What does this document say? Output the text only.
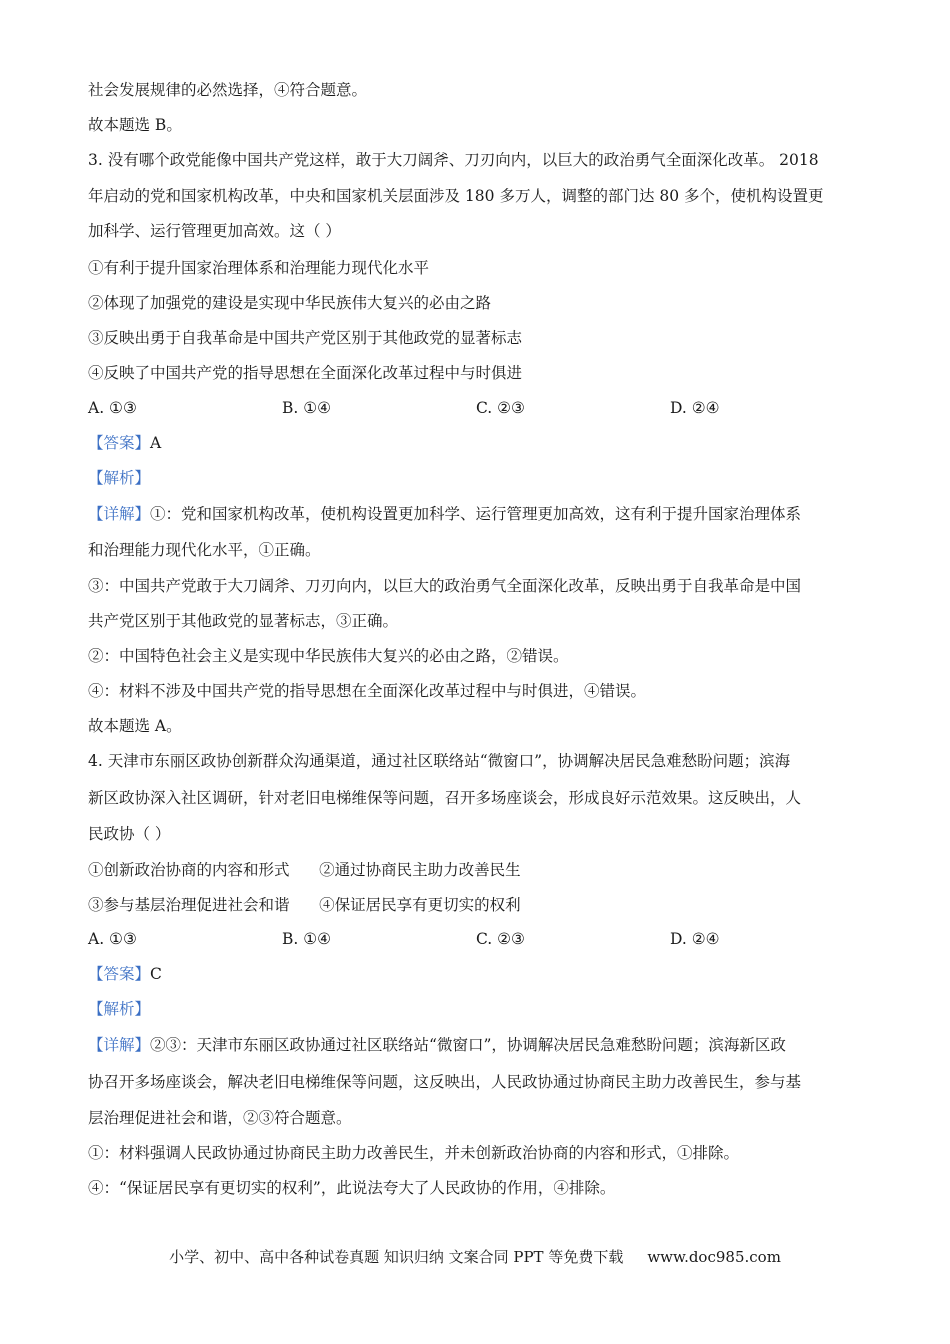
社会发展规律的必然选择，④符合题意。
故本题选 B。
3. 没有哪个政党能像中国共产党这样，敢于大刀阔斧、刀刃向内，以巨大的政治勇气全面深化改革。 2018
年启动的党和国家机构改革，中央和国家机关层面涉及 180 多万人，调整的部门达 80 多个，使机构设置更
加科学、运行管理更加高效。这（ ）
①有利于提升国家治理体系和治理能力现代化水平
②体现了加强党的建设是实现中华民族伟大复兴的必由之路
③反映出勇于自我革命是中国共产党区别于其他政党的显著标志
④反映了中国共产党的指导思想在全面深化改革过程中与时俱进
A. ①③	B. ①④	C. ②③	D. ②④
【答案】A
【解析】
【详解】①：党和国家机构改革，使机构设置更加科学、运行管理更加高效，这有利于提升国家治理体系
和治理能力现代化水平，①正确。
③：中国共产党敢于大刀阔斧、刀刃向内，以巨大的政治勇气全面深化改革，反映出勇于自我革命是中国
共产党区别于其他政党的显著标志，③正确。
②：中国特色社会主义是实现中华民族伟大复兴的必由之路，②错误。
④：材料不涉及中国共产党的指导思想在全面深化改革过程中与时俱进，④错误。
故本题选 A。
4. 天津市东丽区政协创新群众沟通渠道，通过社区联络站“微窗口”，协调解决居民急难愁盼问题；滨海
新区政协深入社区调研，针对老旧电梯维保等问题，召开多场座谈会，形成良好示范效果。这反映出，人
民政协（ ）
①创新政治协商的内容和形式      ②通过协商民主助力改善民生
③参与基层治理促进社会和谐      ④保证居民享有更切实的权利
A. ①③	B. ①④	C. ②③	D. ②④
【答案】C
【解析】
【详解】②③：天津市东丽区政协通过社区联络站“微窗口”，协调解决居民急难愁盼问题；滨海新区政
协召开多场座谈会，解决老旧电梯维保等问题，这反映出，人民政协通过协商民主助力改善民生，参与基
层治理促进社会和谐，②③符合题意。
①：材料强调人民政协通过协商民主助力改善民生，并未创新政治协商的内容和形式，①排除。
④：“保证居民享有更切实的权利”，此说法夸大了人民政协的作用，④排除。
小学、初中、高中各种试卷真题 知识归纳 文案合同 PPT 等免费下载 www.doc985.com
